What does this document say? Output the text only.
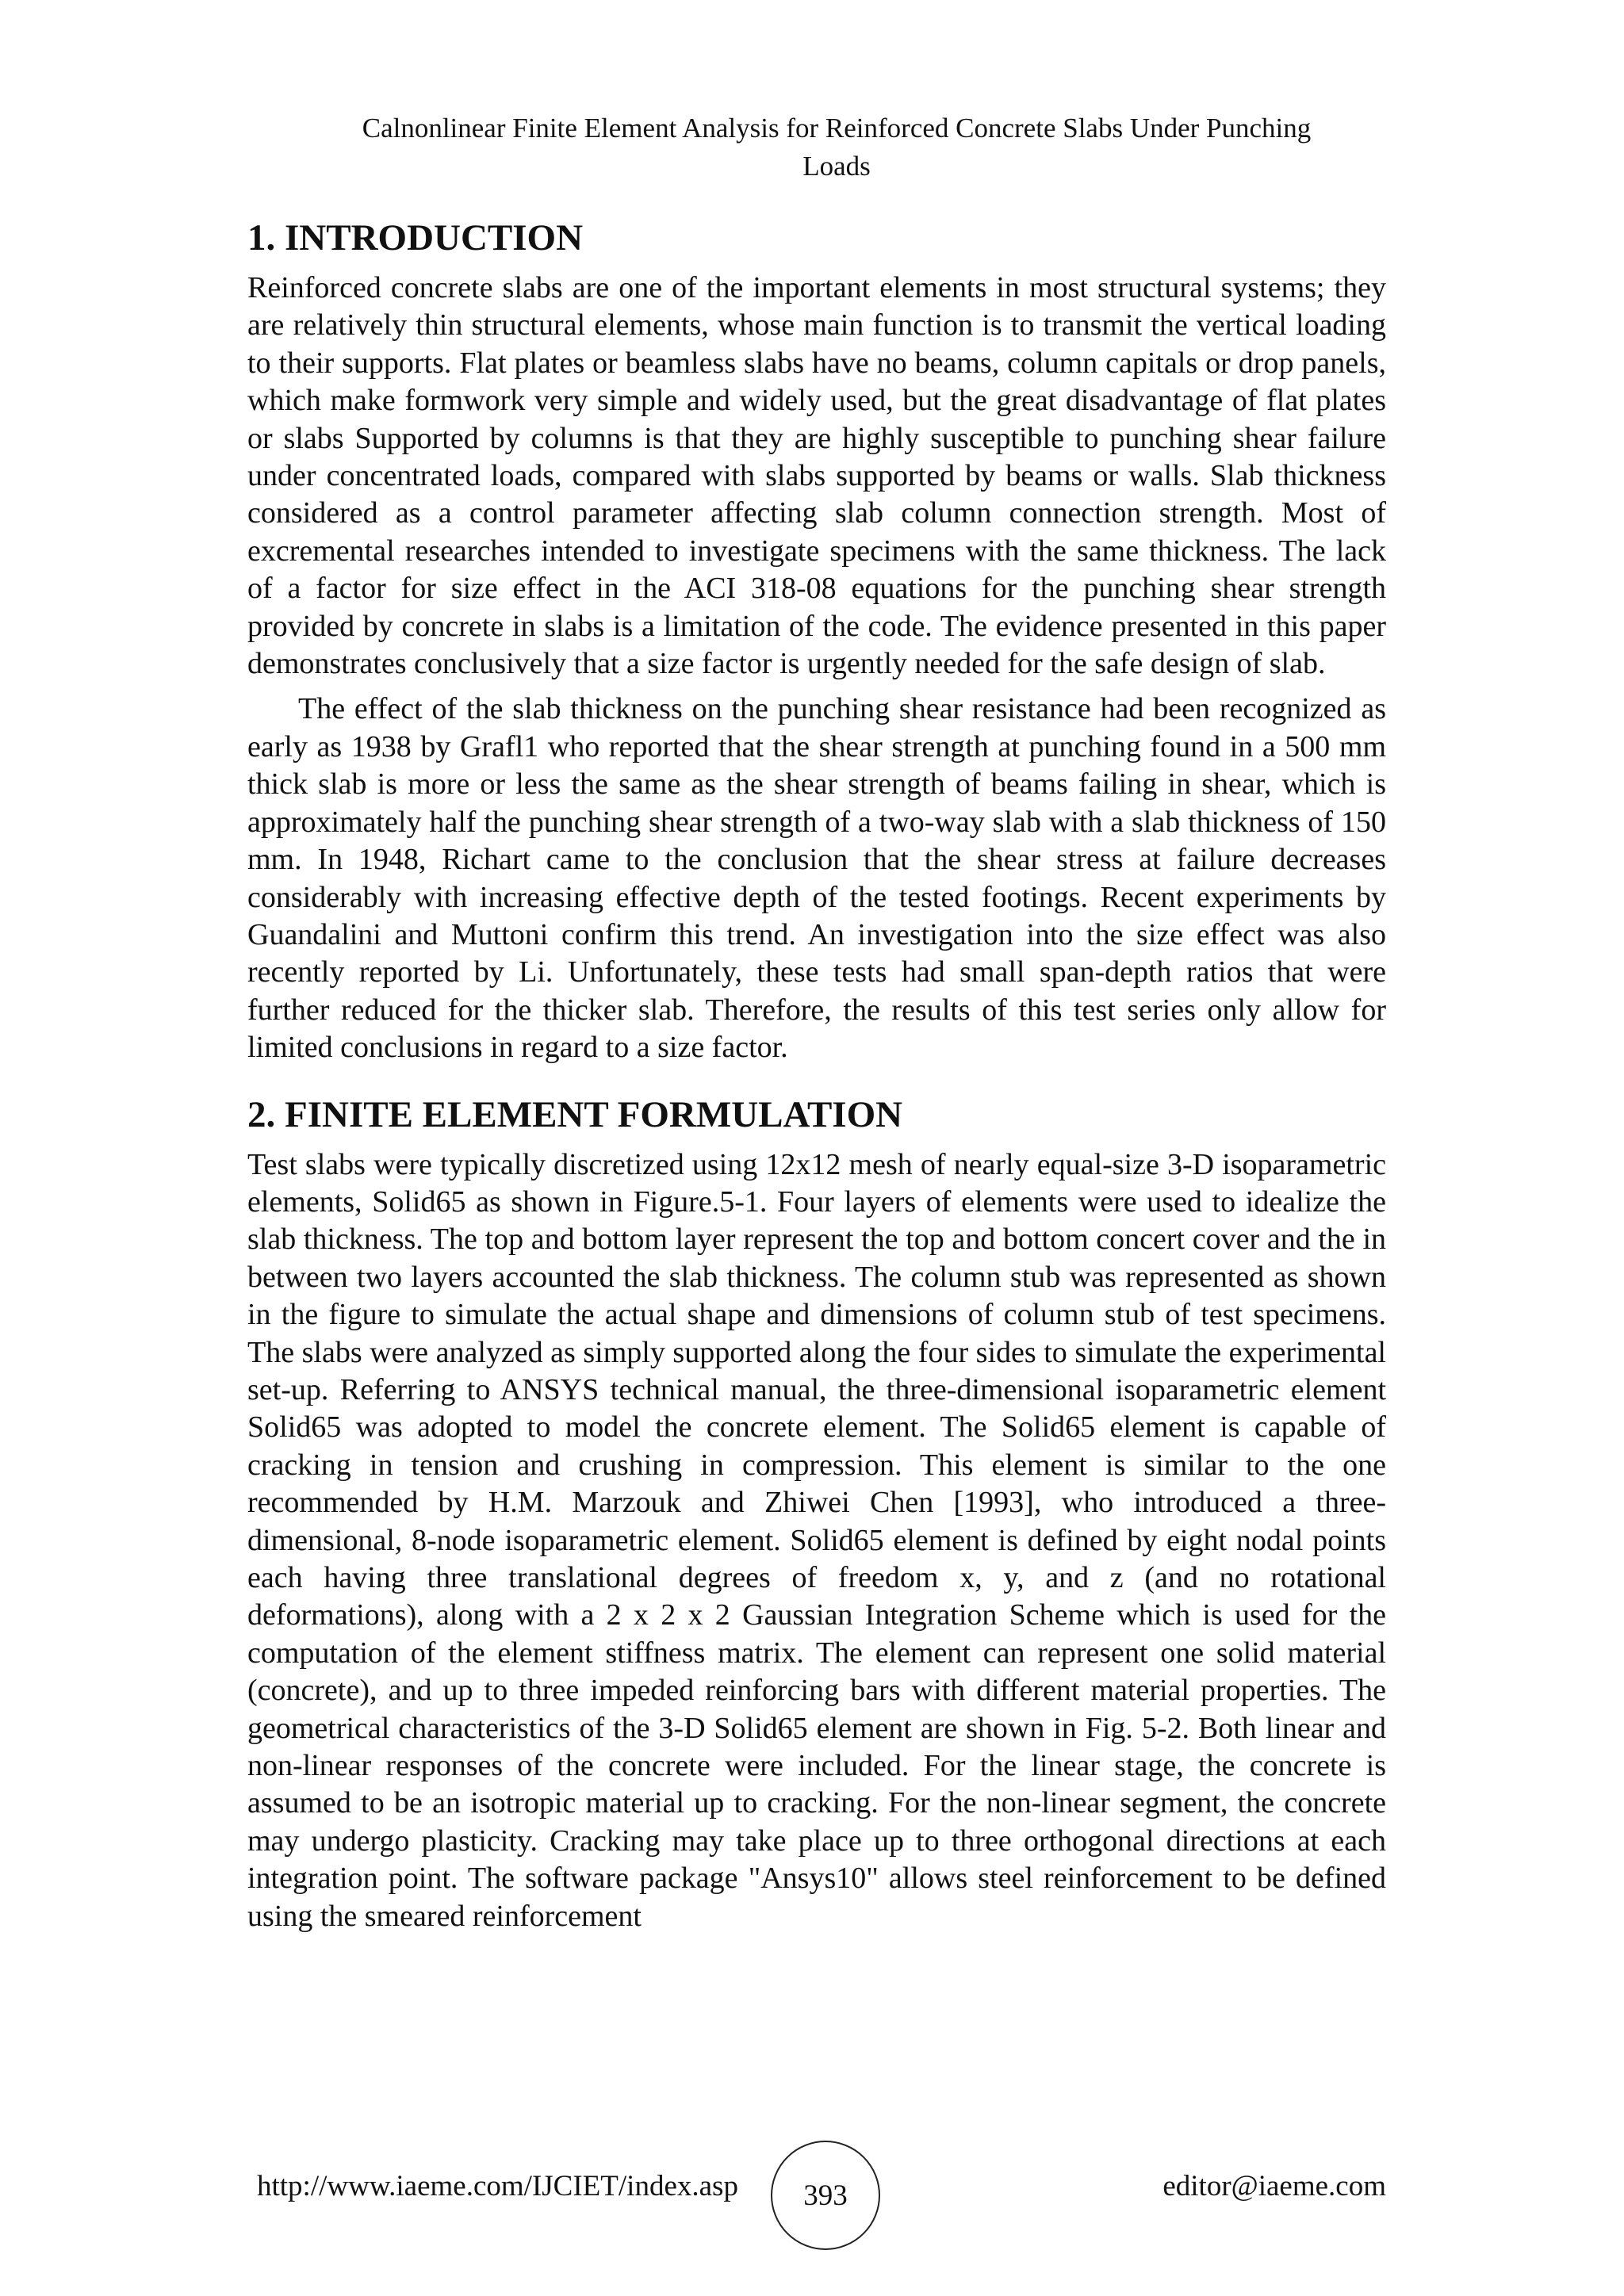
Calnonlinear Finite Element Analysis for Reinforced Concrete Slabs Under Punching
Loads
1. INTRODUCTION

Reinforced concrete slabs are one of the important elements in most structural systems; they are relatively thin structural elements, whose main function is to transmit the vertical loading to their supports. Flat plates or beamless slabs have no beams, column capitals or drop panels, which make formwork very simple and widely used, but the great disadvantage of flat plates or slabs Supported by columns is that they are highly susceptible to punching shear failure under concentrated loads, compared with slabs supported by beams or walls. Slab thickness considered as a control parameter affecting slab column connection strength. Most of excremental researches intended to investigate specimens with the same thickness. The lack of a factor for size effect in the ACI 318-08 equations for the punching shear strength provided by concrete in slabs is a limitation of the code. The evidence presented in this paper demonstrates conclusively that a size factor is urgently needed for the safe design of slab.

The effect of the slab thickness on the punching shear resistance had been recognized as early as 1938 by Grafl1 who reported that the shear strength at punching found in a 500 mm thick slab is more or less the same as the shear strength of beams failing in shear, which is approximately half the punching shear strength of a two-way slab with a slab thickness of 150 mm. In 1948, Richart came to the conclusion that the shear stress at failure decreases considerably with increasing effective depth of the tested footings. Recent experiments by Guandalini and Muttoni confirm this trend. An investigation into the size effect was also recently reported by Li. Unfortunately, these tests had small span-depth ratios that were further reduced for the thicker slab. Therefore, the results of this test series only allow for limited conclusions in regard to a size factor.

2. FINITE ELEMENT FORMULATION

Test slabs were typically discretized using 12x12 mesh of nearly equal-size 3-D isoparametric elements, Solid65 as shown in Figure.5-1. Four layers of elements were used to idealize the slab thickness. The top and bottom layer represent the top and bottom concert cover and the in between two layers accounted the slab thickness. The column stub was represented as shown in the figure to simulate the actual shape and dimensions of column stub of test specimens. The slabs were analyzed as simply supported along the four sides to simulate the experimental set-up. Referring to ANSYS technical manual, the three-dimensional isoparametric element Solid65 was adopted to model the concrete element. The Solid65 element is capable of cracking in tension and crushing in compression. This element is similar to the one recommended by H.M. Marzouk and Zhiwei Chen [1993], who introduced a three-dimensional, 8-node isoparametric element. Solid65 element is defined by eight nodal points each having three translational degrees of freedom x, y, and z (and no rotational deformations), along with a 2 x 2 x 2 Gaussian Integration Scheme which is used for the computation of the element stiffness matrix. The element can represent one solid material (concrete), and up to three impeded reinforcing bars with different material properties. The geometrical characteristics of the 3-D Solid65 element are shown in Fig. 5-2. Both linear and non-linear responses of the concrete were included. For the linear stage, the concrete is assumed to be an isotropic material up to cracking. For the non-linear segment, the concrete may undergo plasticity. Cracking may take place up to three orthogonal directions at each integration point. The software package "Ansys10" allows steel reinforcement to be defined using the smeared reinforcement

http://www.iaeme.com/IJCIET/index.asp 393	editor@iaeme.com
